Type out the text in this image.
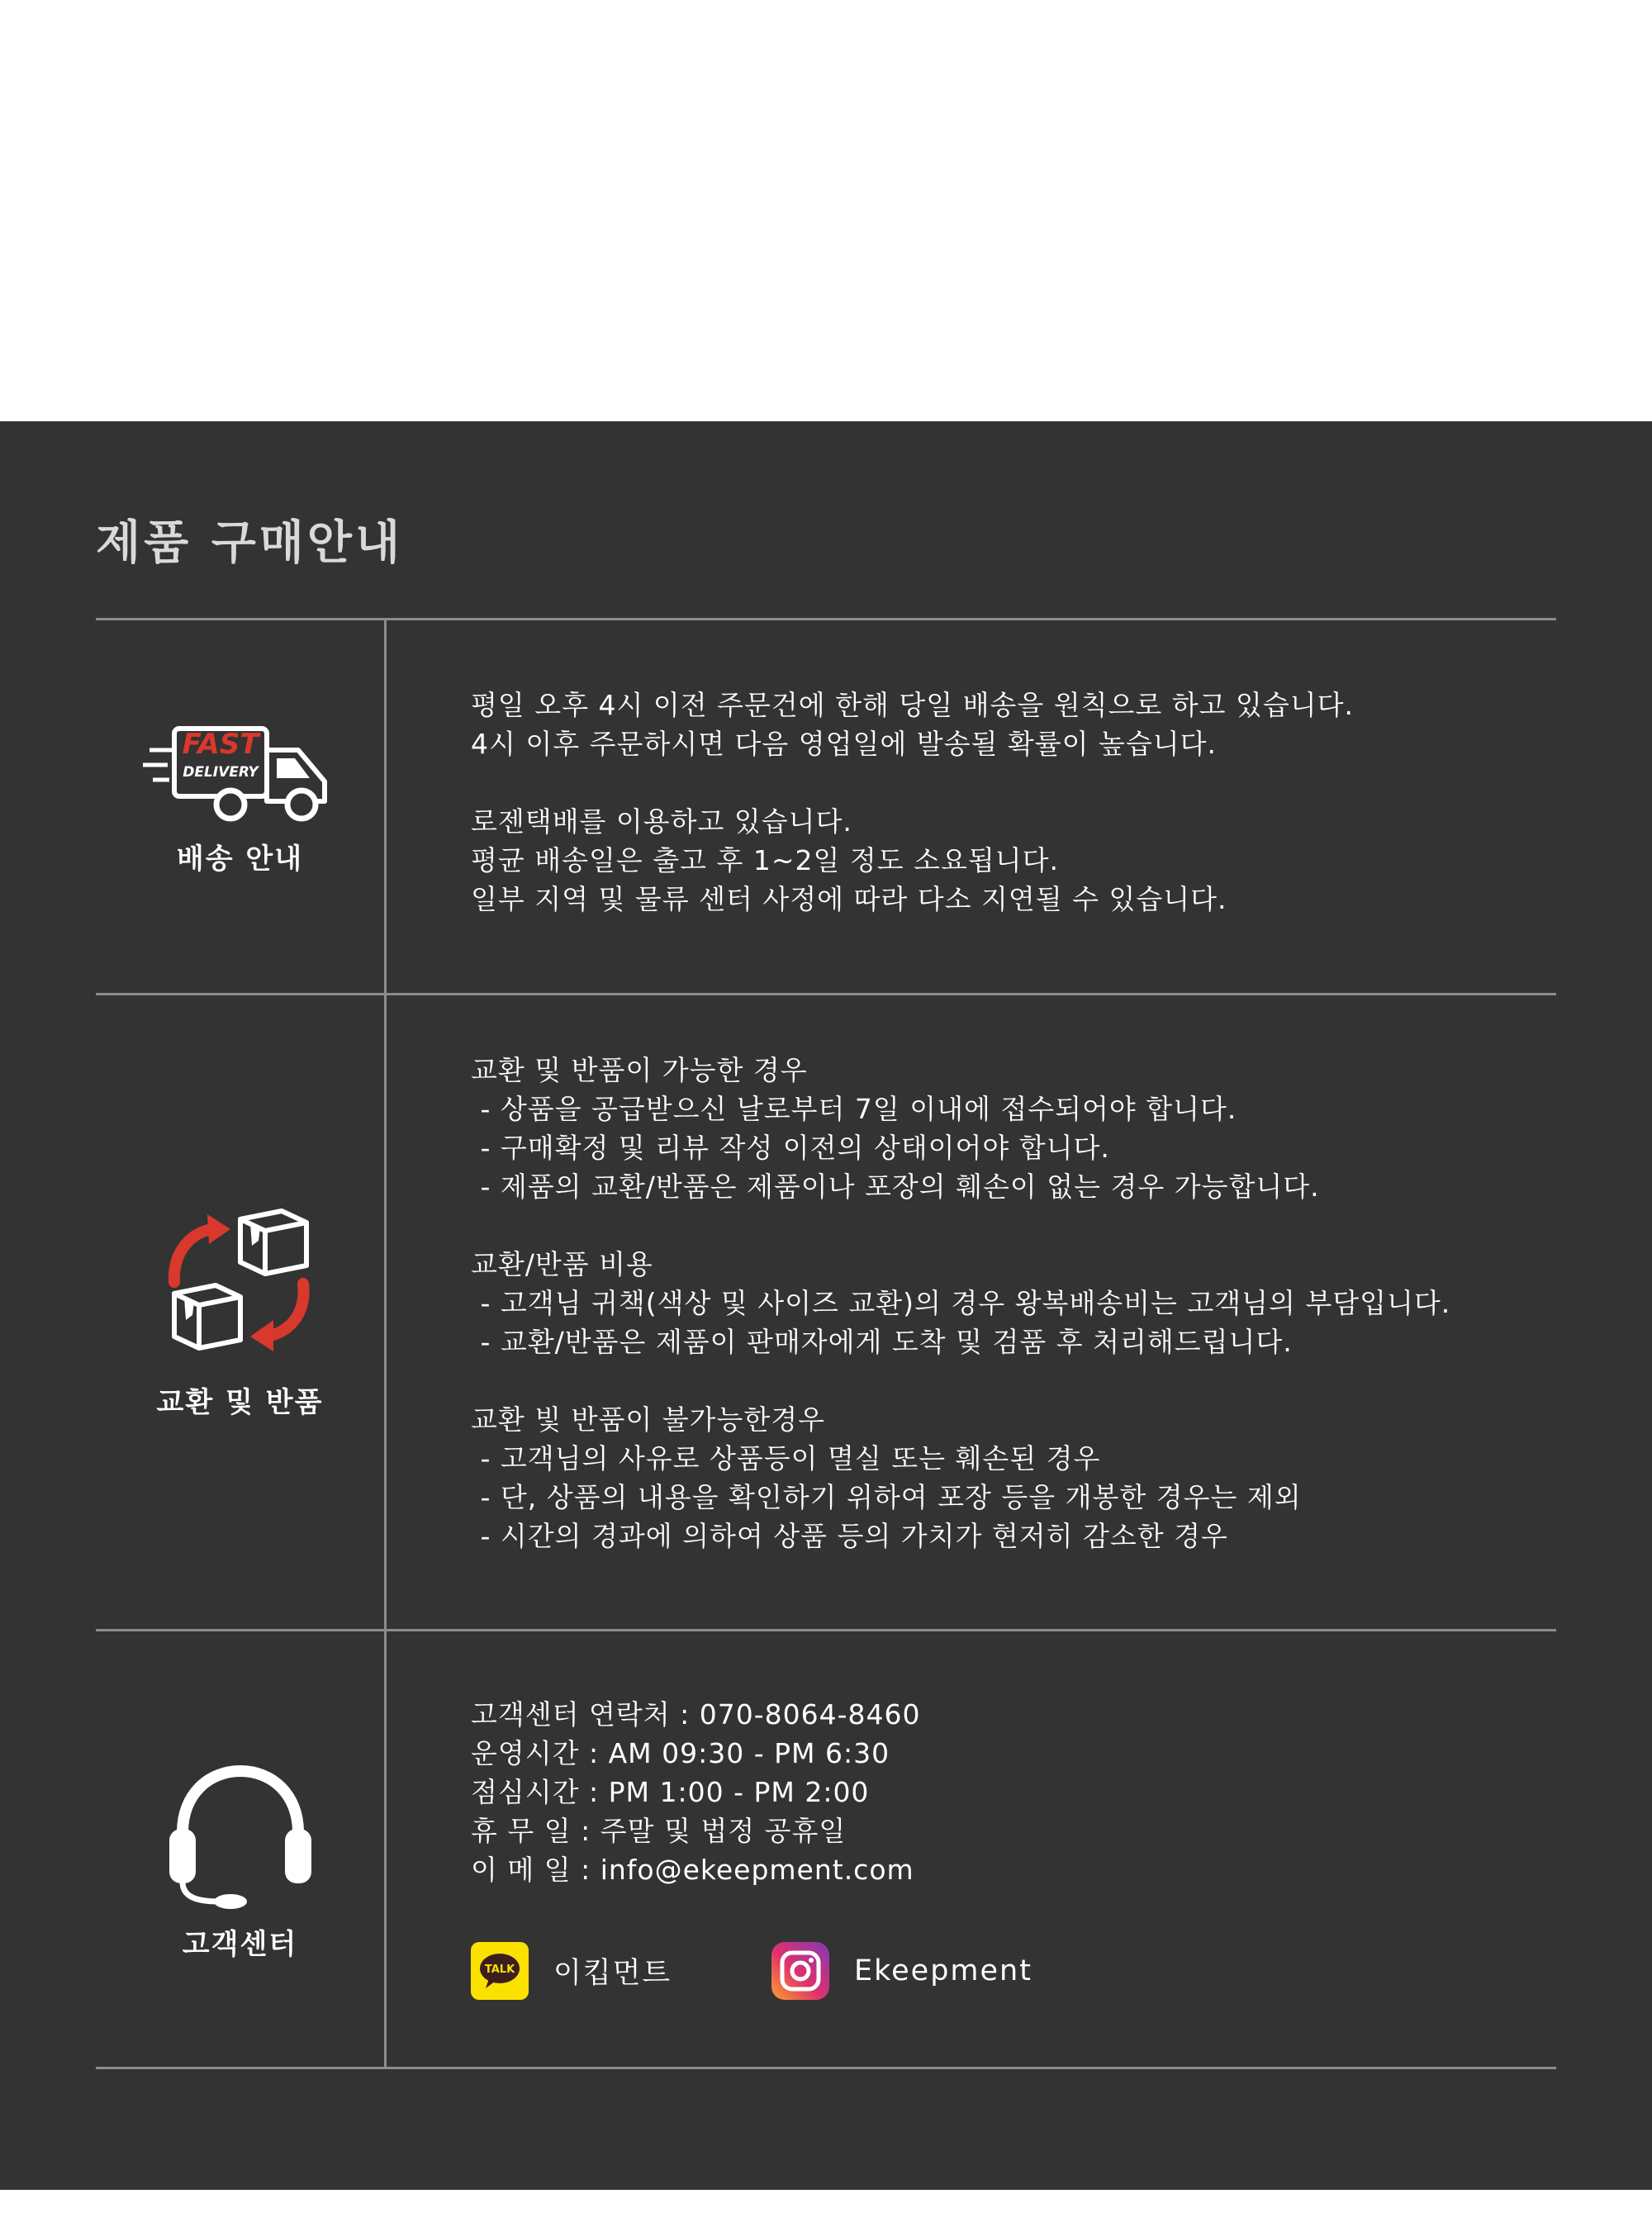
제품 구매안내
FAST
DELIVERY
배송 안내
평일 오후 4시 이전 주문건에 한해 당일 배송을 원칙으로 하고 있습니다.
4시 이후 주문하시면 다음 영업일에 발송될 확률이 높습니다.
로젠택배를 이용하고 있습니다.
평균 배송일은 출고 후 1~2일 정도 소요됩니다.
일부 지역 및 물류 센터 사정에 따라 다소 지연될 수 있습니다.
교환 및 반품
교환 및 반품이 가능한 경우
- 상품을 공급받으신 날로부터 7일 이내에 접수되어야 합니다.
- 구매확정 및 리뷰 작성 이전의 상태이어야 합니다.
- 제품의 교환/반품은 제품이나 포장의 훼손이 없는 경우 가능합니다.
교환/반품 비용
- 고객님 귀책(색상 및 사이즈 교환)의 경우 왕복배송비는 고객님의 부담입니다.
- 교환/반품은 제품이 판매자에게 도착 및 검품 후 처리해드립니다.
교환 빛 반품이 불가능한경우
- 고객님의 사유로 상품등이 멸실 또는 훼손된 경우
- 단, 상품의 내용을 확인하기 위하여 포장 등을 개봉한 경우는 제외
- 시간의 경과에 의하여 상품 등의 가치가 현저히 감소한 경우
고객센터
고객센터 연락처 : 070-8064-8460
운영시간 : AM 09:30 - PM 6:30
점심시간 : PM 1:00 - PM 2:00
휴 무 일 : 주말 및 법정 공휴일
이 메 일 : info@ekeepment.com
TALK 이킵먼트	Ekeepment
